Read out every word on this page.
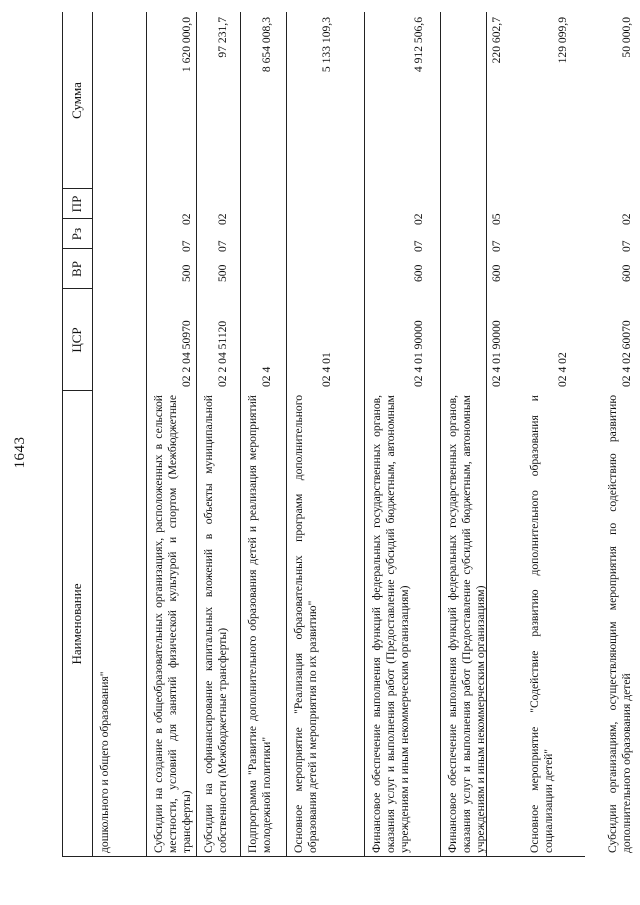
1643
Наименование
ЦСР
ВР
Рз
ПР
Сумма
дошкольного и общего образования"	Субсидии на создание в общеобразовательных организациях, расположенных в сельской местности, условий для занятий физической культурой и спортом (Межбюджетные трансферты)
02 2 04 50970
500
07
02
1 620 000,0
Субсидии на софинансирование капитальных вложений в объекты муниципальной собственности (Межбюджетные трансферты)
02 2 04 51120
500
07
02
97 231,7
Подпрограмма "Развитие дополнительного образования детей и реализация мероприятий молодежной политики"
02 4
8 654 008,3
Основное мероприятие "Реализация образовательных программ дополнительного образования детей и мероприятия по их развитию"
02 4 01
5 133 109,3
Финансовое обеспечение выполнения функций федеральных государственных органов, оказания услуг и выполнения работ (Предоставление субсидий бюджетным, автономным учреждениям и иным некоммерческим организациям)
02 4 01 90000
600
07
02
4 912 506,6
Финансовое обеспечение выполнения функций федеральных государственных органов, оказания услуг и выполнения работ (Предоставление субсидий бюджетным, автономным учреждениям и иным некоммерческим организациям)
02 4 01 90000
600
07
05
220 602,7
Основное мероприятие "Содействие развитию дополнительного образования и социализации детей"
02 4 02
129 099,9
Субсидии организациям, осуществляющим мероприятия по содействию развитию дополнительного образования детей
02 4 02 60070
600
07
02
50 000,0
